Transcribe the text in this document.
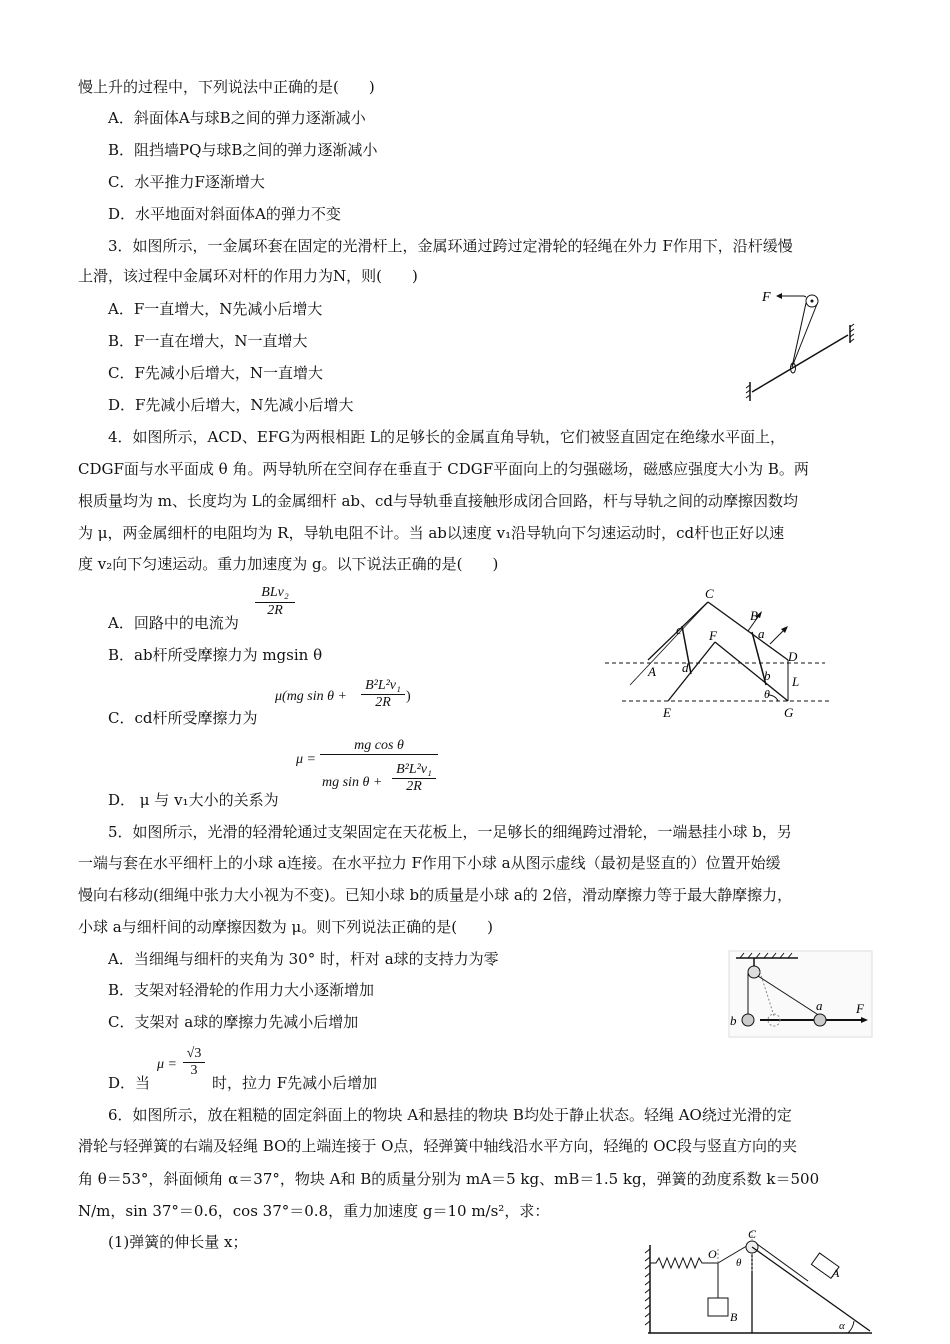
慢上升的过程中，下列说法中正确的是(　　)
A．斜面体A与球B之间的弹力逐渐减小
B．阻挡墙PQ与球B之间的弹力逐渐减小
C．水平推力F逐渐增大
D．水平地面对斜面体A的弹力不变
3．如图所示，一金属环套在固定的光滑杆上，金属环通过跨过定滑轮的轻绳在外力 F作用下，沿杆缓慢
上滑，该过程中金属环对杆的作用力为N，则(　　)
A．F一直增大，N先减小后增大
B．F一直在增大，N一直增大
C．F先减小后增大，N一直增大
D．F先减小后增大，N先减小后增大
F
4．如图所示，ACD、EFG为两根相距 L的足够长的金属直角导轨，它们被竖直固定在绝缘水平面上，
CDGF面与水平面成 θ 角。两导轨所在空间存在垂直于 CDGF平面向上的匀强磁场，磁感应强度大小为 B。两
根质量均为 m、长度均为 L的金属细杆 ab、cd与导轨垂直接触形成闭合回路，杆与导轨之间的动摩擦因数均
为 μ，两金属细杆的电阻均为 R，导轨电阻不计。当 ab以速度 v₁沿导轨向下匀速运动时，cd杆也正好以速
度 v₂向下匀速运动。重力加速度为 g。以下说法正确的是(　　)
A．回路中的电流为
BLv₂
2R
B．ab杆所受摩擦力为 mgsin θ
C．cd杆所受摩擦力为
μ(mg $\sin \theta + \frac{\text{B²L²v₁}}{2R}$ )
D． μ 与 v₁大小的关系为
μ =
mg cos θ
mg $\sin \theta + \frac{\text{B²L²v₁}}{2R}$
C
B
a
c F
A d
b
D
L
θ
E	G
5．如图所示，光滑的轻滑轮通过支架固定在天花板上，一足够长的细绳跨过滑轮，一端悬挂小球 b，另
一端与套在水平细杆上的小球 a连接。在水平拉力 F作用下小球 a从图示虚线（最初是竖直的）位置开始缓
慢向右移动(细绳中张力大小视为不变)。已知小球 b的质量是小球 a的 2倍，滑动摩擦力等于最大静摩擦力，
小球 a与细杆间的动摩擦因数为 μ。则下列说法正确的是(　　)
A．当细绳与细杆的夹角为 30° 时，杆对 a球的支持力为零
B．支架对轻滑轮的作用力大小逐渐增加
C．支架对 a球的摩擦力先减小后增加
D．当
$\mu = \frac{√3}{3}$
时，拉力 F先减小后增加
b
a	F
6．如图所示，放在粗糙的固定斜面上的物块 A和悬挂的物块 B均处于静止状态。轻绳 AO绕过光滑的定
滑轮与轻弹簧的右端及轻绳 BO的上端连接于 O点，轻弹簧中轴线沿水平方向，轻绳的 OC段与竖直方向的夹
角 θ＝53°，斜面倾角 α＝37°，物块 A和 B的质量分别为 mA＝5 kg、mB＝1.5 kg，弹簧的劲度系数 k＝500
N/m，sin 37°＝0.6，cos 37°＝0.8，重力加速度 g＝10 m/s²，求：
(1)弹簧的伸长量 x；	C
O
θ
A
B
α
